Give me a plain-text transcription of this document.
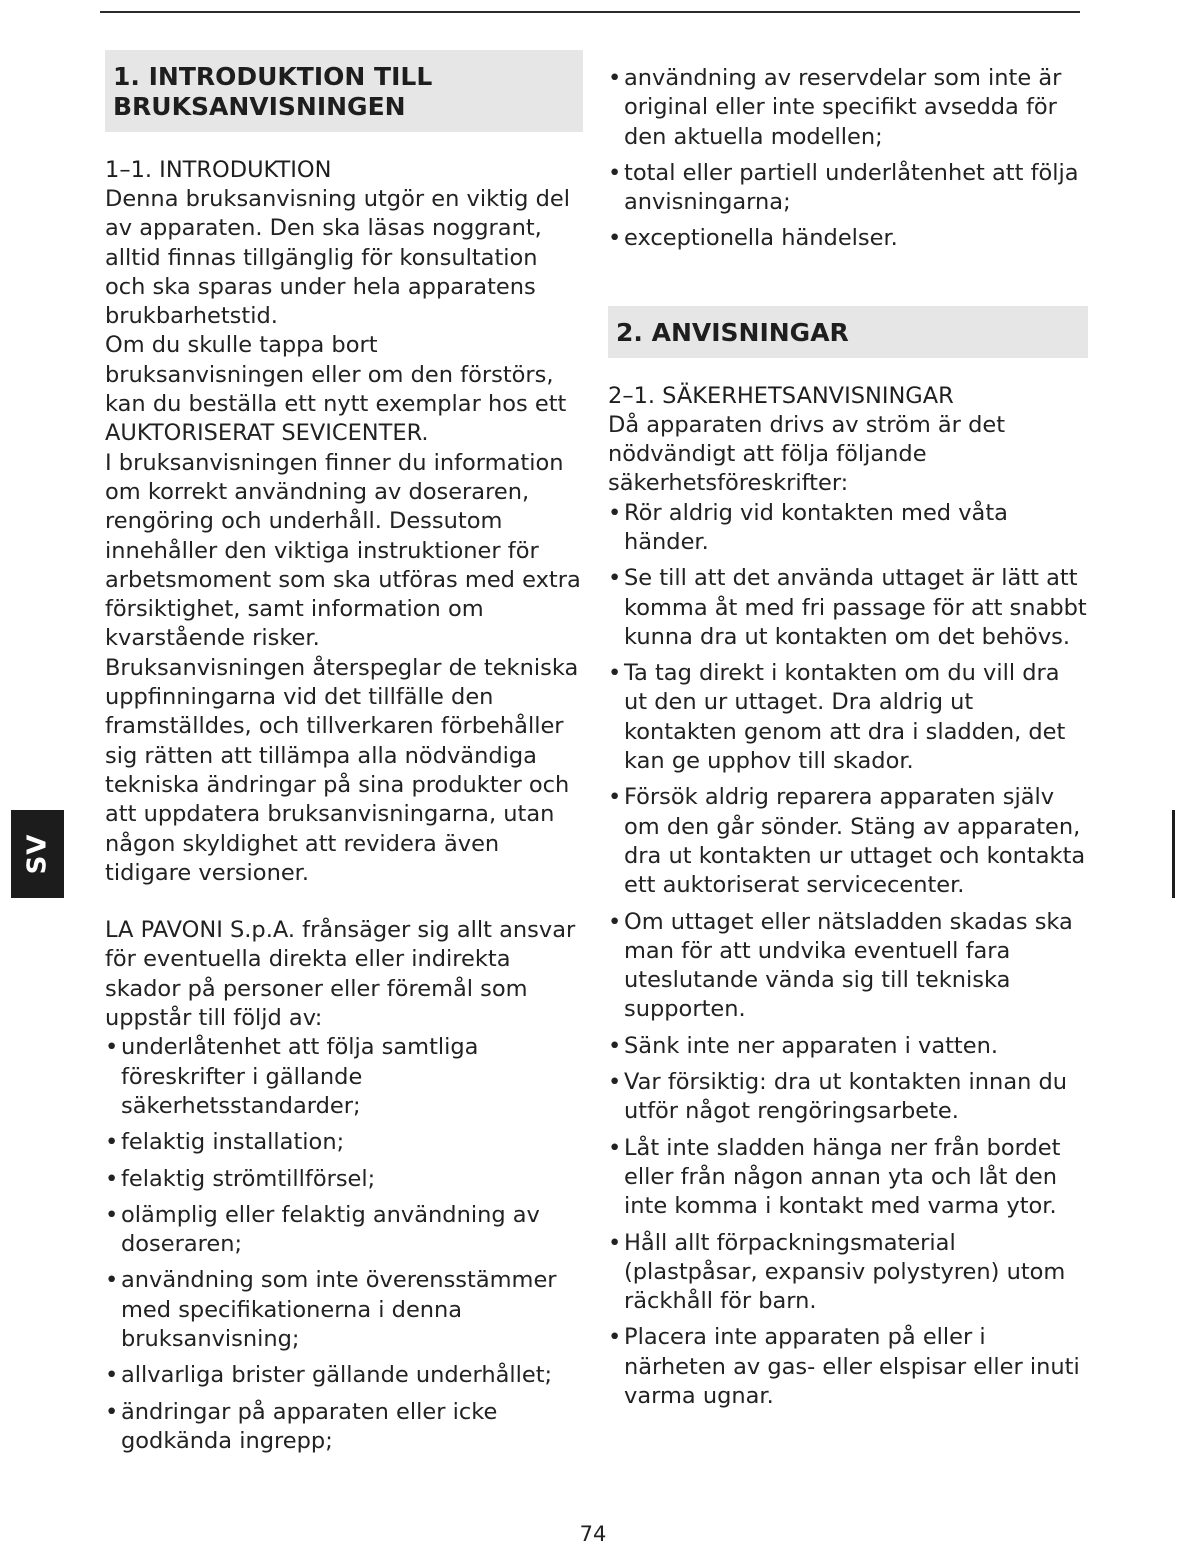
1. INTRODUKTION TILL BRUKSANVISNINGEN
1–1. INTRODUKTION
Denna bruksanvisning utgör en viktig del av apparaten. Den ska läsas noggrant, alltid finnas tillgänglig för konsultation och ska sparas under hela apparatens brukbarhetstid.
Om du skulle tappa bort bruksanvisningen eller om den förstörs, kan du beställa ett nytt exemplar hos ett AUKTORISERAT SEVICENTER.
I bruksanvisningen finner du information om korrekt användning av doseraren, rengöring och underhåll. Dessutom innehåller den viktiga instruktioner för arbetsmoment som ska utföras med extra försiktighet, samt information om kvarstående risker.
Bruksanvisningen återspeglar de tekniska uppfinningarna vid det tillfälle den framställdes, och tillverkaren förbehåller sig rätten att tillämpa alla nödvändiga tekniska ändringar på sina produkter och att uppdatera bruksanvisningarna, utan någon skyldighet att revidera även tidigare versioner.
LA PAVONI S.p.A. frånsäger sig allt ansvar för eventuella direkta eller indirekta skador på personer eller föremål som uppstår till följd av:
• underlåtenhet att följa samtliga föreskrifter i gällande säkerhetsstandarder;
• felaktig installation;
• felaktig strömtillförsel;
• olämplig eller felaktig användning av doseraren;
• användning som inte överensstämmer med specifikationerna i denna bruksanvisning;
• allvarliga brister gällande underhållet;
• ändringar på apparaten eller icke godkända ingrepp;
• användning av reservdelar som inte är original eller inte specifikt avsedda för den aktuella modellen;
• total eller partiell underlåtenhet att följa anvisningarna;
• exceptionella händelser.
2. ANVISNINGAR
2–1. SÄKERHETSANVISNINGAR
Då apparaten drivs av ström är det nödvändigt att följa följande säkerhetsföreskrifter:
• Rör aldrig vid kontakten med våta händer.
• Se till att det använda uttaget är lätt att komma åt med fri passage för att snabbt kunna dra ut kontakten om det behövs.
• Ta tag direkt i kontakten om du vill dra ut den ur uttaget. Dra aldrig ut kontakten genom att dra i sladden, det kan ge upphov till skador.
• Försök aldrig reparera apparaten själv om den går sönder. Stäng av apparaten, dra ut kontakten ur uttaget och kontakta ett auktoriserat servicecenter.
• Om uttaget eller nätsladden skadas ska man för att undvika eventuell fara uteslutande vända sig till tekniska supporten.
• Sänk inte ner apparaten i vatten.
• Var försiktig: dra ut kontakten innan du utför något rengöringsarbete.
• Låt inte sladden hänga ner från bordet eller från någon annan yta och låt den inte komma i kontakt med varma ytor.
• Håll allt förpackningsmaterial (plastpåsar, expansiv polystyren) utom räckhåll för barn.
• Placera inte apparaten på eller i närheten av gas- eller elspisar eller inuti varma ugnar.
SV
74
